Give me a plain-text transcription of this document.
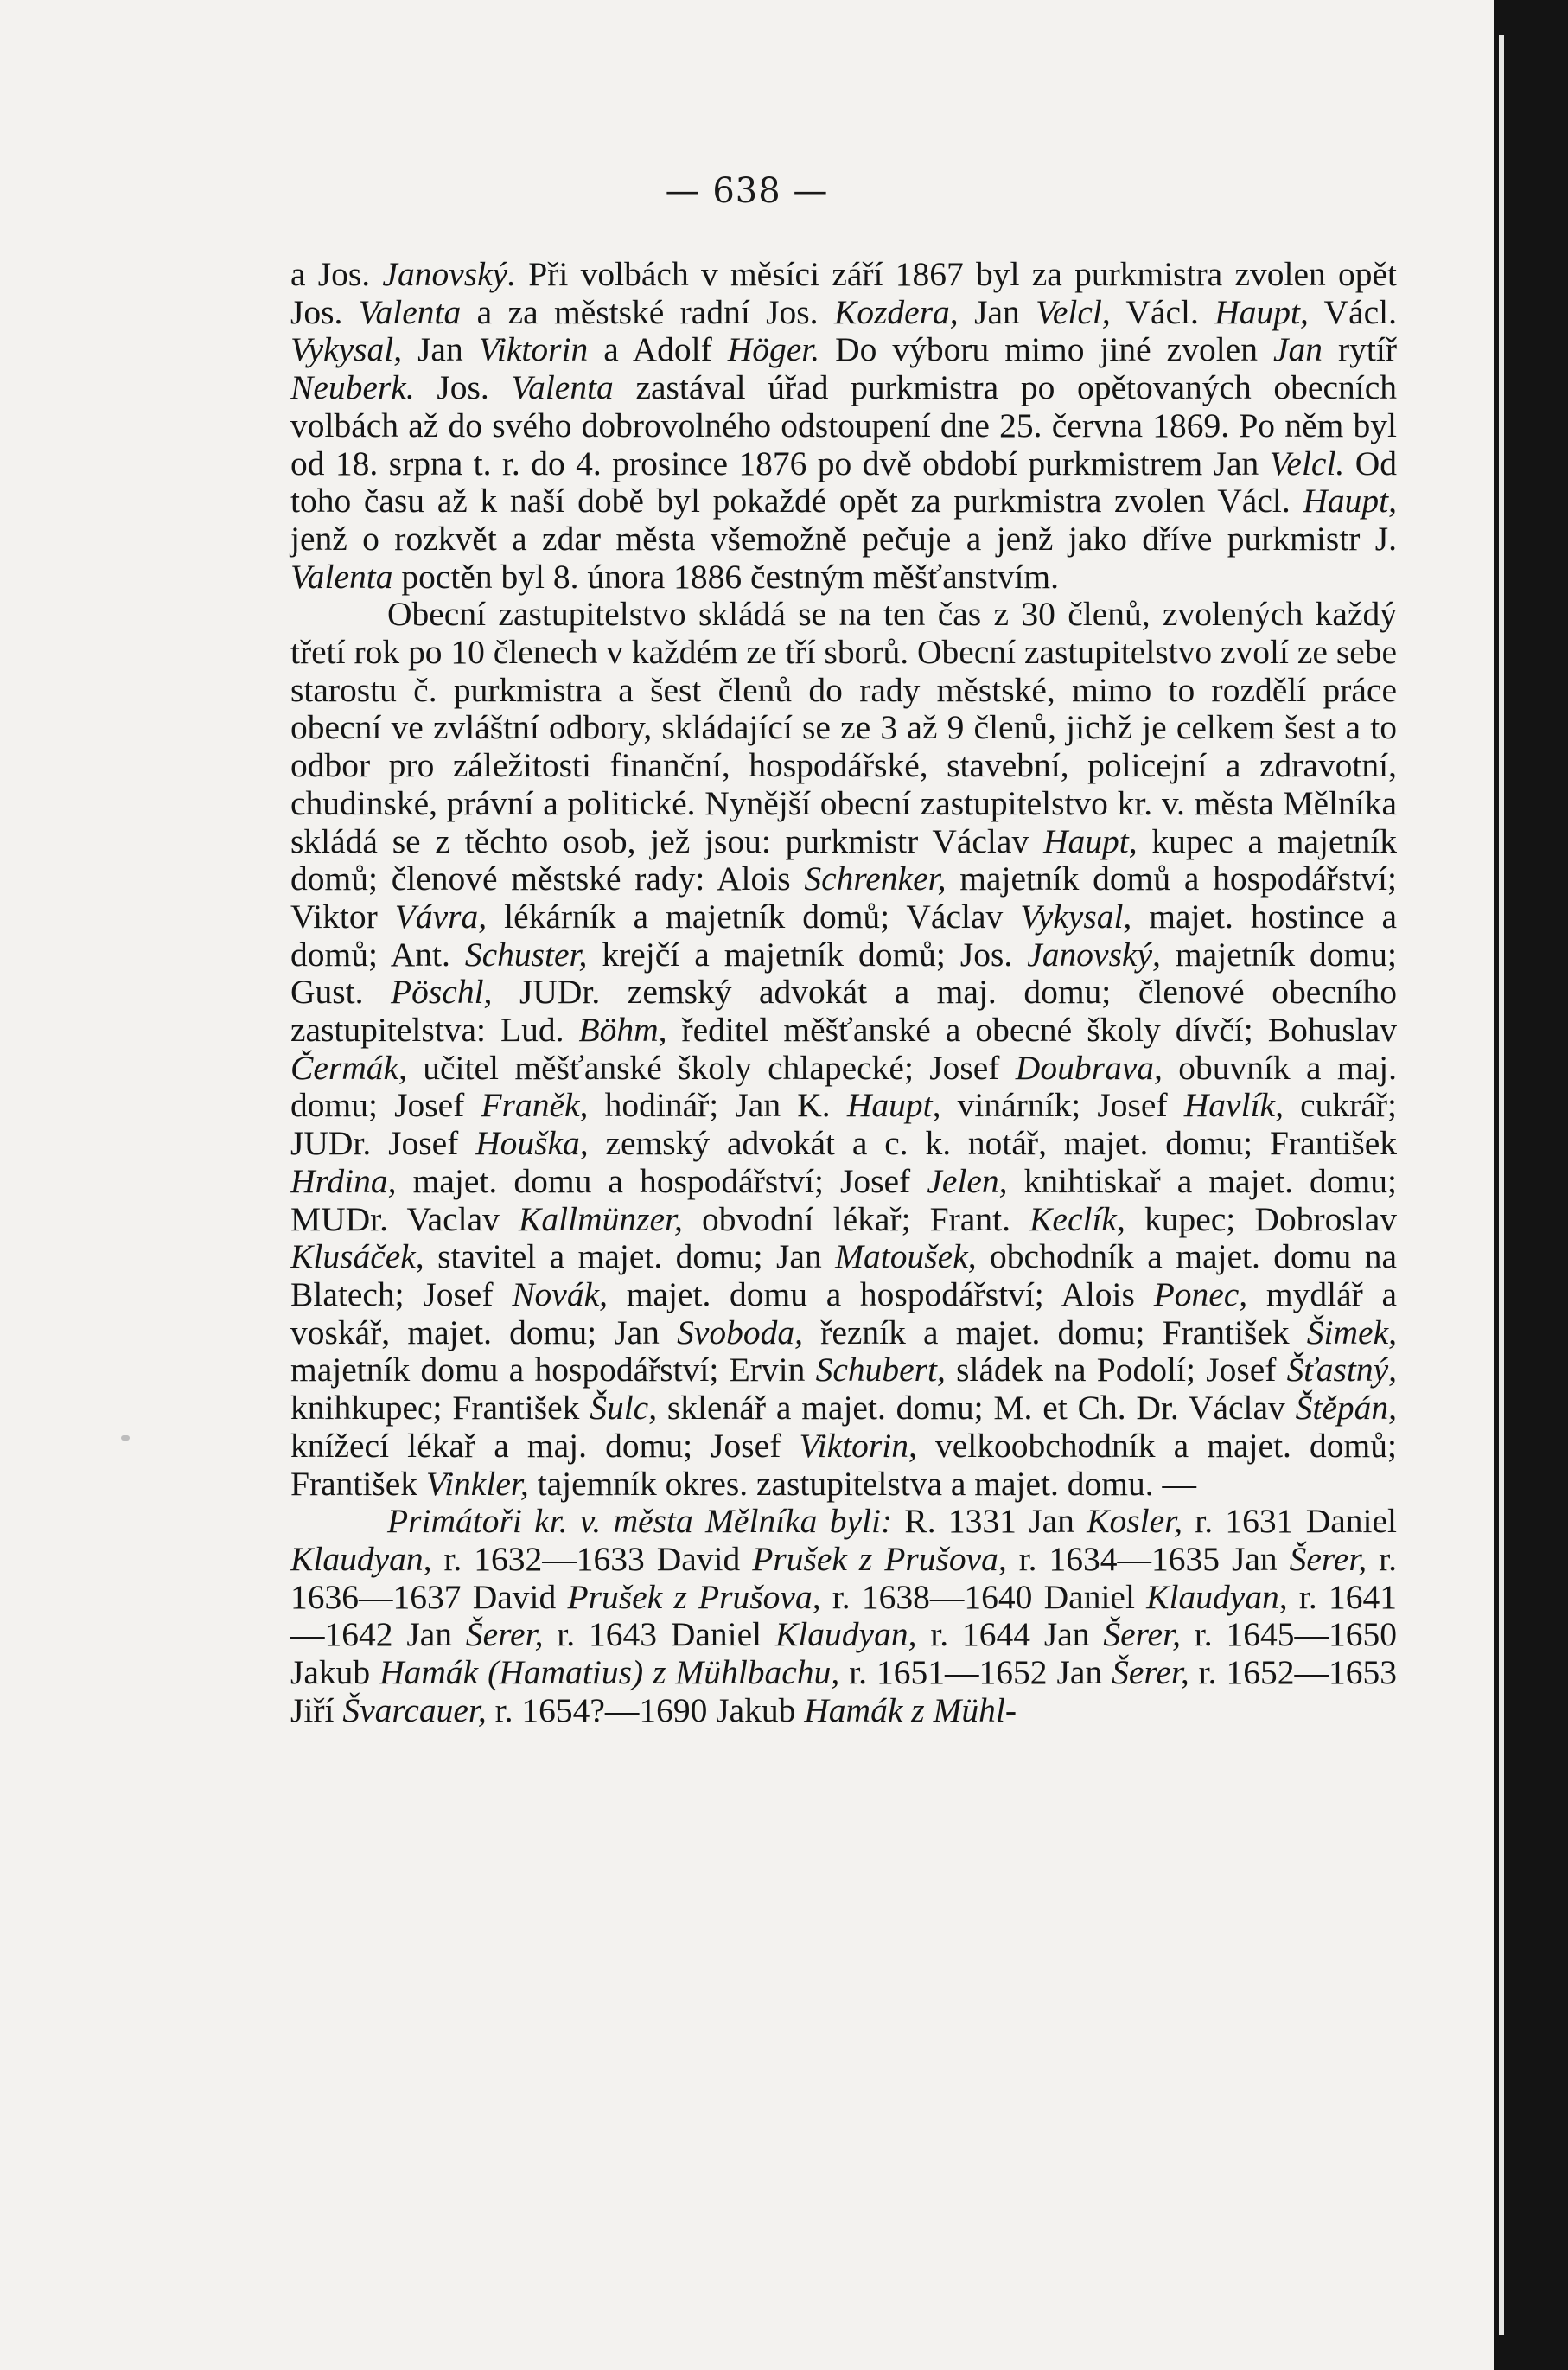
— 638 —

a Jos. Janovský. Při volbách v měsíci září 1867 byl za purkmistra zvolen opět Jos. Valenta a za městské radní Jos. Kozdera, Jan Velcl, Václ. Haupt, Václ. Vykysal, Jan Viktorin a Adolf Höger. Do výboru mimo jiné zvolen Jan rytíř Neuberk. Jos. Valenta zastával úřad purkmistra po opětovaných obecních volbách až do svého dobrovolného odstoupení dne 25. června 1869. Po něm byl od 18. srpna t. r. do 4. prosince 1876 po dvě období purkmistrem Jan Velcl. Od toho času až k naší době byl pokaždé opět za purkmistra zvolen Václ. Haupt, jenž o rozkvět a zdar města všemožně pečuje a jenž jako dříve purkmistr J. Valenta poctěn byl 8. února 1886 čestným měšťanstvím.

Obecní zastupitelstvo skládá se na ten čas z 30 členů, zvolených každý třetí rok po 10 členech v každém ze tří sborů. Obecní zastupitelstvo zvolí ze sebe starostu č. purkmistra a šest členů do rady městské, mimo to rozdělí práce obecní ve zvláštní odbory, skládající se ze 3 až 9 členů, jichž je celkem šest a to odbor pro záležitosti finanční, hospodářské, stavební, policejní a zdravotní, chudinské, právní a politické. Nynější obecní zastupitelstvo kr. v. města Mělníka skládá se z těchto osob, jež jsou: purkmistr Václav Haupt, kupec a majetník domů; členové městské rady: Alois Schrenker, majetník domů a hospodářství; Viktor Vávra, lékárník a majetník domů; Václav Vykysal, majet. hostince a domů; Ant. Schuster, krejčí a majetník domů; Jos. Janovský, majetník domu; Gust. Pöschl, JUDr. zemský advokát a maj. domu; členové obecního zastupitelstva: Lud. Böhm, ředitel měšťanské a obecné školy dívčí; Bohuslav Čermák, učitel měšťanské školy chlapecké; Josef Doubrava, obuvník a maj. domu; Josef Franěk, hodinář; Jan K. Haupt, vinárník; Josef Havlík, cukrář; JUDr. Josef Houška, zemský advokát a c. k. notář, majet. domu; František Hrdina, majet. domu a hospodářství; Josef Jelen, knihtiskař a majet. domu; MUDr. Vaclav Kallmünzer, obvodní lékař; Frant. Keclík, kupec; Dobroslav Klusáček, stavitel a majet. domu; Jan Matoušek, obchodník a majet. domu na Blatech; Josef Novák, majet. domu a hospodářství; Alois Ponec, mydlář a voskář, majet. domu; Jan Svoboda, řezník a majet. domu; František Šimek, majetník domu a hospodářství; Ervin Schubert, sládek na Podolí; Josef Šťastný, knihkupec; František Šulc, sklenář a majet. domu; M. et Ch. Dr. Václav Štěpán, knížecí lékař a maj. domu; Josef Viktorin, velkoobchodník a majet. domů; František Vinkler, tajemník okres. zastupitelstva a majet. domu. —

Primátoři kr. v. města Mělníka byli: R. 1331 Jan Kosler, r. 1631 Daniel Klaudyan, r. 1632—1633 David Prušek z Prušova, r. 1634—1635 Jan Šerer, r. 1636—1637 David Prušek z Prušova, r. 1638—1640 Daniel Klaudyan, r. 1641—1642 Jan Šerer, r. 1643 Daniel Klaudyan, r. 1644 Jan Šerer, r. 1645—1650 Jakub Hamák (Hamatius) z Mühlbachu, r. 1651—1652 Jan Šerer, r. 1652—1653 Jiří Švarcauer, r. 1654?—1690 Jakub Hamák z Mühl-
